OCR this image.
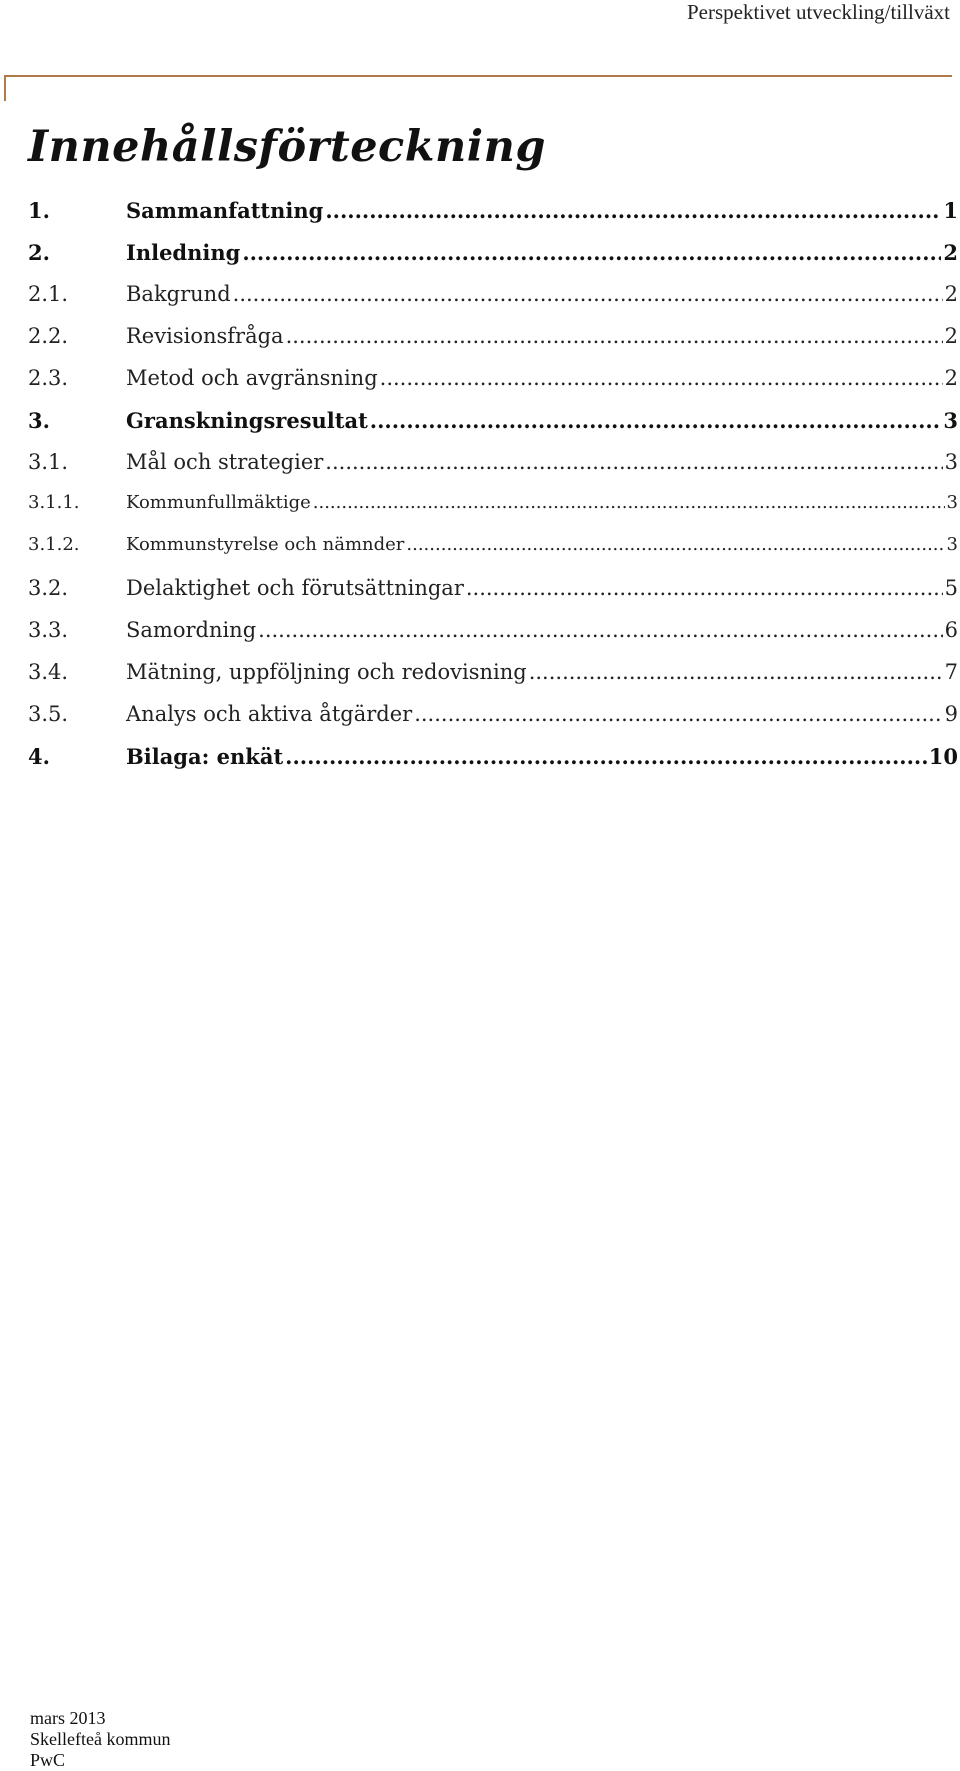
Perspektivet utveckling/tillväxt
Innehållsförteckning
1.	Sammanfattning .....	1
2.	Inledning .....	2
2.1.	Bakgrund .....	2
2.2.	Revisionsfråga .....	2
2.3.	Metod och avgränsning .....	2
3.	Granskningsresultat .....	3
3.1.	Mål och strategier .....	3
3.1.1.	Kommunfullmäktige .....	3
3.1.2.	Kommunstyrelse och nämnder .....	3
3.2.	Delaktighet och förutsättningar .....	5
3.3.	Samordning .....	6
3.4.	Mätning, uppföljning och redovisning .....	7
3.5.	Analys och aktiva åtgärder .....	9
4.	Bilaga: enkät .....	10
mars 2013
Skellefteå kommun
PwC
